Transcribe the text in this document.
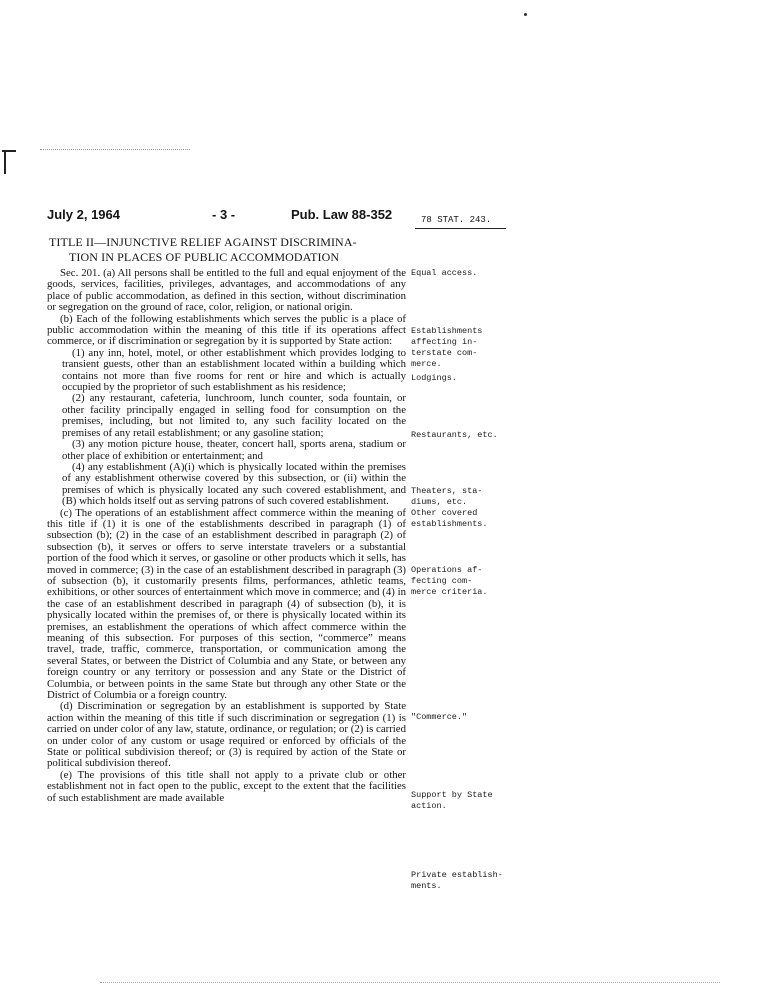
July 2, 1964	- 3 -	Pub. Law 88-352	78 STAT. 243.
TITLE II—INJUNCTIVE RELIEF AGAINST DISCRIMINA-
TION IN PLACES OF PUBLIC ACCOMMODATION

Sec. 201. (a) All persons shall be entitled to the full and equal enjoyment of the goods, services, facilities, privileges, advantages, and accommodations of any place of public accommodation, as defined in this section, without discrimination or segregation on the ground of race, color, religion, or national origin.

(b) Each of the following establishments which serves the public is a place of public accommodation within the meaning of this title if its operations affect commerce, or if discrimination or segregation by it is supported by State action:

(1) any inn, hotel, motel, or other establishment which provides lodging to transient guests, other than an establishment located within a building which contains not more than five rooms for rent or hire and which is actually occupied by the proprietor of such establishment as his residence;

(2) any restaurant, cafeteria, lunchroom, lunch counter, soda fountain, or other facility principally engaged in selling food for consumption on the premises, including, but not limited to, any such facility located on the premises of any retail establishment; or any gasoline station;

(3) any motion picture house, theater, concert hall, sports arena, stadium or other place of exhibition or entertainment; and

(4) any establishment (A)(i) which is physically located within the premises of any establishment otherwise covered by this subsection, or (ii) within the premises of which is physically located any such covered establishment, and (B) which holds itself out as serving patrons of such covered establishment.

(c) The operations of an establishment affect commerce within the meaning of this title if (1) it is one of the establishments described in paragraph (1) of subsection (b); (2) in the case of an establishment described in paragraph (2) of subsection (b), it serves or offers to serve interstate travelers or a substantial portion of the food which it serves, or gasoline or other products which it sells, has moved in commerce; (3) in the case of an establishment described in paragraph (3) of subsection (b), it customarily presents films, performances, athletic teams, exhibitions, or other sources of entertainment which move in commerce; and (4) in the case of an establishment described in paragraph (4) of subsection (b), it is physically located within the premises of, or there is physically located within its premises, an establishment the operations of which affect commerce within the meaning of this subsection. For purposes of this section, “commerce” means travel, trade, traffic, commerce, transportation, or communication among the several States, or between the District of Columbia and any State, or between any foreign country or any territory or possession and any State or the District of Columbia, or between points in the same State but through any other State or the District of Columbia or a foreign country.

(d) Discrimination or segregation by an establishment is supported by State action within the meaning of this title if such discrimination or segregation (1) is carried on under color of any law, statute, ordinance, or regulation; or (2) is carried on under color of any custom or usage required or enforced by officials of the State or political subdivision thereof; or (3) is required by action of the State or political subdivision thereof.

(e) The provisions of this title shall not apply to a private club or other establishment not in fact open to the public, except to the extent that the facilities of such establishment are made available

Equal access.
Establishments
affecting in-
terstate com-
merce.
Lodgings.
Restaurants, etc.
Theaters, sta-
diums, etc.
Other covered
establishments.
Operations af-
fecting com-
merce criteria.
"Commerce."
Support by State
action.
Private establish-
ments.
